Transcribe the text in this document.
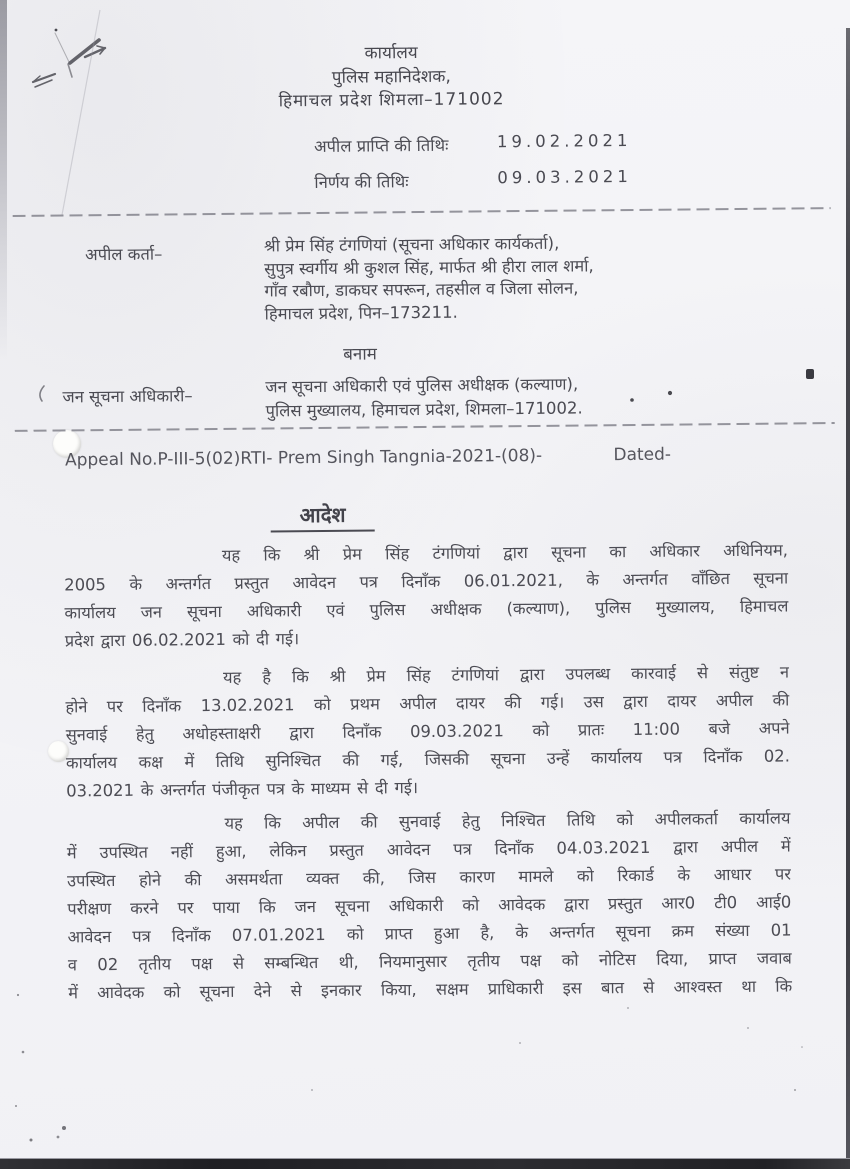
कार्यालय
पुलिस महानिदेशक,
हिमाचल प्रदेश शिमला–171002
अपील प्राप्ति की तिथिः	19.02.2021
निर्णय की तिथिः	09.03.2021
अपील कर्ता–	श्री प्रेम सिंह टंगणियां (सूचना अधिकार कार्यकर्ता),
सुपुत्र स्वर्गीय श्री कुशल सिंह, मार्फत श्री हीरा लाल शर्मा,
गाँव रबौण, डाकघर सपरून, तहसील व जिला सोलन,
हिमाचल प्रदेश, पिन–173211.
बनाम
जन सूचना अधिकारी–	जन सूचना अधिकारी एवं पुलिस अधीक्षक (कल्याण),
पुलिस मुख्यालय, हिमाचल प्रदेश, शिमला–171002.
Appeal No.P-III-5(02)RTI- Prem Singh Tangnia-2021-(08)-	Dated-
आदेश
यह कि श्री प्रेम सिंह टंगणियां द्वारा सूचना का अधिकार अधिनियम,
2005 के अन्तर्गत प्रस्तुत आवेदन पत्र दिनाँक 06.01.2021, के अन्तर्गत वाँछित सूचना
कार्यालय जन सूचना अधिकारी एवं पुलिस अधीक्षक (कल्याण), पुलिस मुख्यालय, हिमाचल
प्रदेश द्वारा 06.02.2021 को दी गई।
यह है कि श्री प्रेम सिंह टंगणियां द्वारा उपलब्ध कारवाई से संतुष्ट न
होने पर दिनाँक 13.02.2021 को प्रथम अपील दायर की गई। उस द्वारा दायर अपील की
सुनवाई हेतु अधोहस्ताक्षरी द्वारा दिनाँक 09.03.2021 को प्रातः 11:00 बजे अपने
कार्यालय कक्ष में तिथि सुनिश्चित की गई, जिसकी सूचना उन्हें कार्यालय पत्र दिनाँक 02.
03.2021 के अन्तर्गत पंजीकृत पत्र के माध्यम से दी गई।
यह कि अपील की सुनवाई हेतु निश्चित तिथि को अपीलकर्ता कार्यालय
में उपस्थित नहीं हुआ, लेकिन प्रस्तुत आवेदन पत्र दिनाँक 04.03.2021 द्वारा अपील में
उपस्थित होने की असमर्थता व्यक्त की, जिस कारण मामले को रिकार्ड के आधार पर
परीक्षण करने पर पाया कि जन सूचना अधिकारी को आवेदक द्वारा प्रस्तुत आर0 टी0 आई0
आवेदन पत्र दिनाँक 07.01.2021 को प्राप्त हुआ है, के अन्तर्गत सूचना क्रम संख्या 01
व 02 तृतीय पक्ष से सम्बन्धित थी, नियमानुसार तृतीय पक्ष को नोटिस दिया, प्राप्त जवाब
में आवेदक को सूचना देने से इनकार किया, सक्षम प्राधिकारी इस बात से आश्वस्त था कि
